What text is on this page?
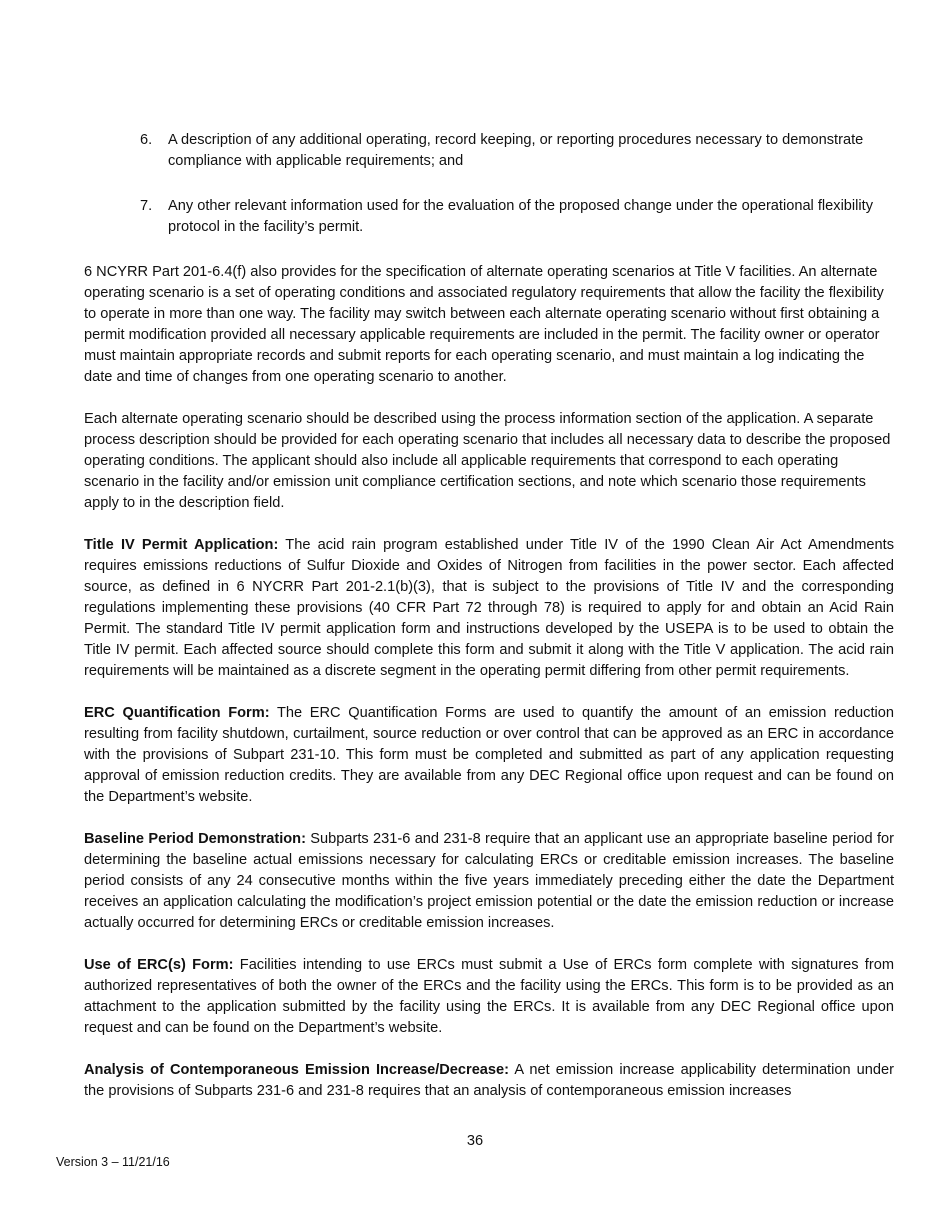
6. A description of any additional operating, record keeping, or reporting procedures necessary to demonstrate compliance with applicable requirements; and
7. Any other relevant information used for the evaluation of the proposed change under the operational flexibility protocol in the facility’s permit.

6 NCYRR Part 201-6.4(f) also provides for the specification of alternate operating scenarios at Title V facilities. An alternate operating scenario is a set of operating conditions and associated regulatory requirements that allow the facility the flexibility to operate in more than one way. The facility may switch between each alternate operating scenario without first obtaining a permit modification provided all necessary applicable requirements are included in the permit. The facility owner or operator must maintain appropriate records and submit reports for each operating scenario, and must maintain a log indicating the date and time of changes from one operating scenario to another.

Each alternate operating scenario should be described using the process information section of the application. A separate process description should be provided for each operating scenario that includes all necessary data to describe the proposed operating conditions. The applicant should also include all applicable requirements that correspond to each operating scenario in the facility and/or emission unit compliance certification sections, and note which scenario those requirements apply to in the description field.

Title IV Permit Application: The acid rain program established under Title IV of the 1990 Clean Air Act Amendments requires emissions reductions of Sulfur Dioxide and Oxides of Nitrogen from facilities in the power sector. Each affected source, as defined in 6 NYCRR Part 201-2.1(b)(3), that is subject to the provisions of Title IV and the corresponding regulations implementing these provisions (40 CFR Part 72 through 78) is required to apply for and obtain an Acid Rain Permit. The standard Title IV permit application form and instructions developed by the USEPA is to be used to obtain the Title IV permit. Each affected source should complete this form and submit it along with the Title V application. The acid rain requirements will be maintained as a discrete segment in the operating permit differing from other permit requirements.

ERC Quantification Form: The ERC Quantification Forms are used to quantify the amount of an emission reduction resulting from facility shutdown, curtailment, source reduction or over control that can be approved as an ERC in accordance with the provisions of Subpart 231-10. This form must be completed and submitted as part of any application requesting approval of emission reduction credits. They are available from any DEC Regional office upon request and can be found on the Department’s website.

Baseline Period Demonstration: Subparts 231-6 and 231-8 require that an applicant use an appropriate baseline period for determining the baseline actual emissions necessary for calculating ERCs or creditable emission increases. The baseline period consists of any 24 consecutive months within the five years immediately preceding either the date the Department receives an application calculating the modification’s project emission potential or the date the emission reduction or increase actually occurred for determining ERCs or creditable emission increases.

Use of ERC(s) Form: Facilities intending to use ERCs must submit a Use of ERCs form complete with signatures from authorized representatives of both the owner of the ERCs and the facility using the ERCs. This form is to be provided as an attachment to the application submitted by the facility using the ERCs. It is available from any DEC Regional office upon request and can be found on the Department’s website.

Analysis of Contemporaneous Emission Increase/Decrease: A net emission increase applicability determination under the provisions of Subparts 231-6 and 231-8 requires that an analysis of contemporaneous emission increases

36
Version 3 – 11/21/16
